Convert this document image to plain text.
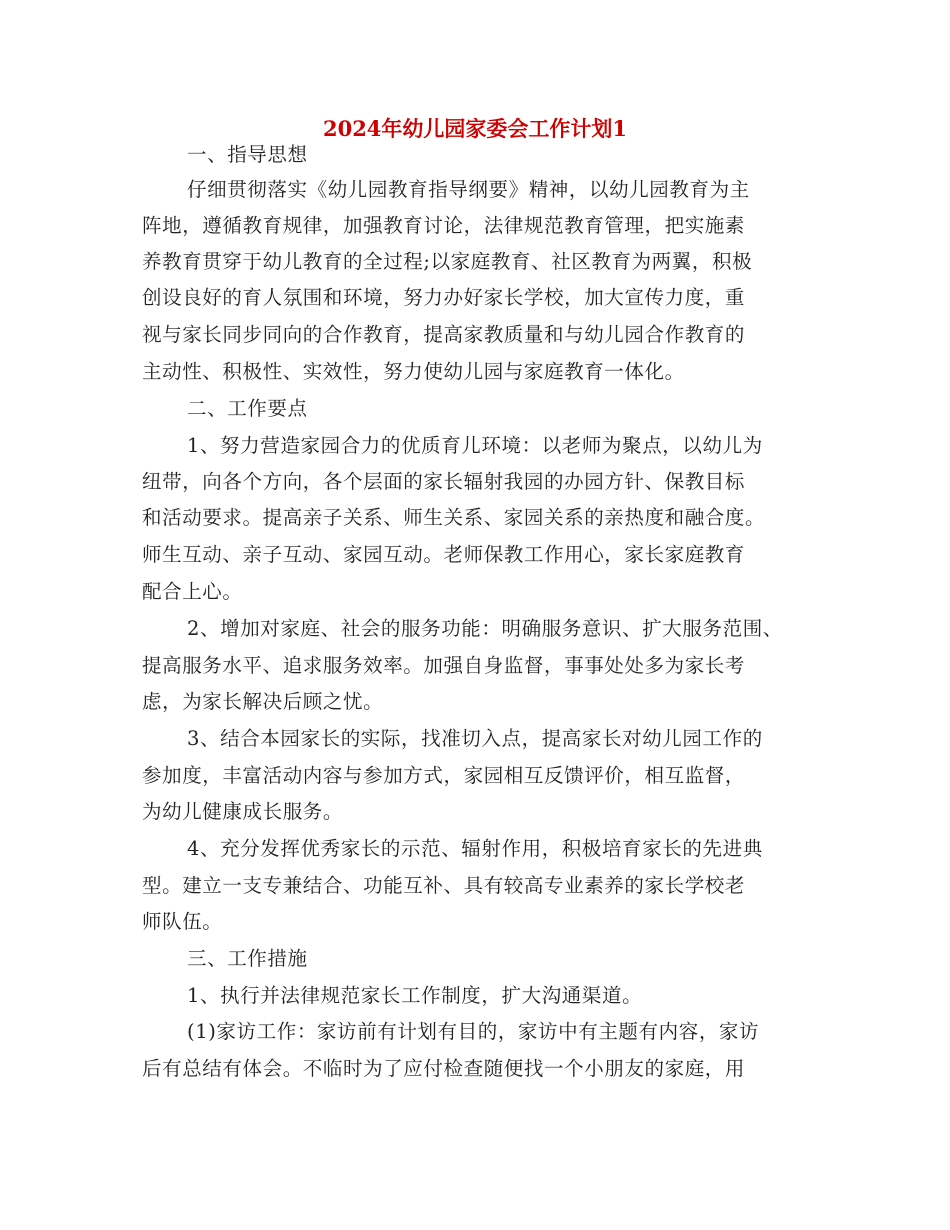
2024年幼儿园家委会工作计划1
一、指导思想
仔细贯彻落实《幼儿园教育指导纲要》精神，以幼儿园教育为主
阵地，遵循教育规律，加强教育讨论，法律规范教育管理，把实施素
养教育贯穿于幼儿教育的全过程;以家庭教育、社区教育为两翼，积极
创设良好的育人氛围和环境，努力办好家长学校，加大宣传力度，重
视与家长同步同向的合作教育，提高家教质量和与幼儿园合作教育的
主动性、积极性、实效性，努力使幼儿园与家庭教育一体化。
二、工作要点
1、努力营造家园合力的优质育儿环境：以老师为聚点，以幼儿为
纽带，向各个方向，各个层面的家长辐射我园的办园方针、保教目标
和活动要求。提高亲子关系、师生关系、家园关系的亲热度和融合度。
师生互动、亲子互动、家园互动。老师保教工作用心，家长家庭教育
配合上心。
2、增加对家庭、社会的服务功能：明确服务意识、扩大服务范围、
提高服务水平、追求服务效率。加强自身监督，事事处处多为家长考
虑，为家长解决后顾之忧。
3、结合本园家长的实际，找准切入点，提高家长对幼儿园工作的
参加度，丰富活动内容与参加方式，家园相互反馈评价，相互监督，
为幼儿健康成长服务。
4、充分发挥优秀家长的示范、辐射作用，积极培育家长的先进典
型。建立一支专兼结合、功能互补、具有较高专业素养的家长学校老
师队伍。
三、工作措施
1、执行并法律规范家长工作制度，扩大沟通渠道。
(1)家访工作：家访前有计划有目的，家访中有主题有内容，家访
后有总结有体会。不临时为了应付检查随便找一个小朋友的家庭，用
